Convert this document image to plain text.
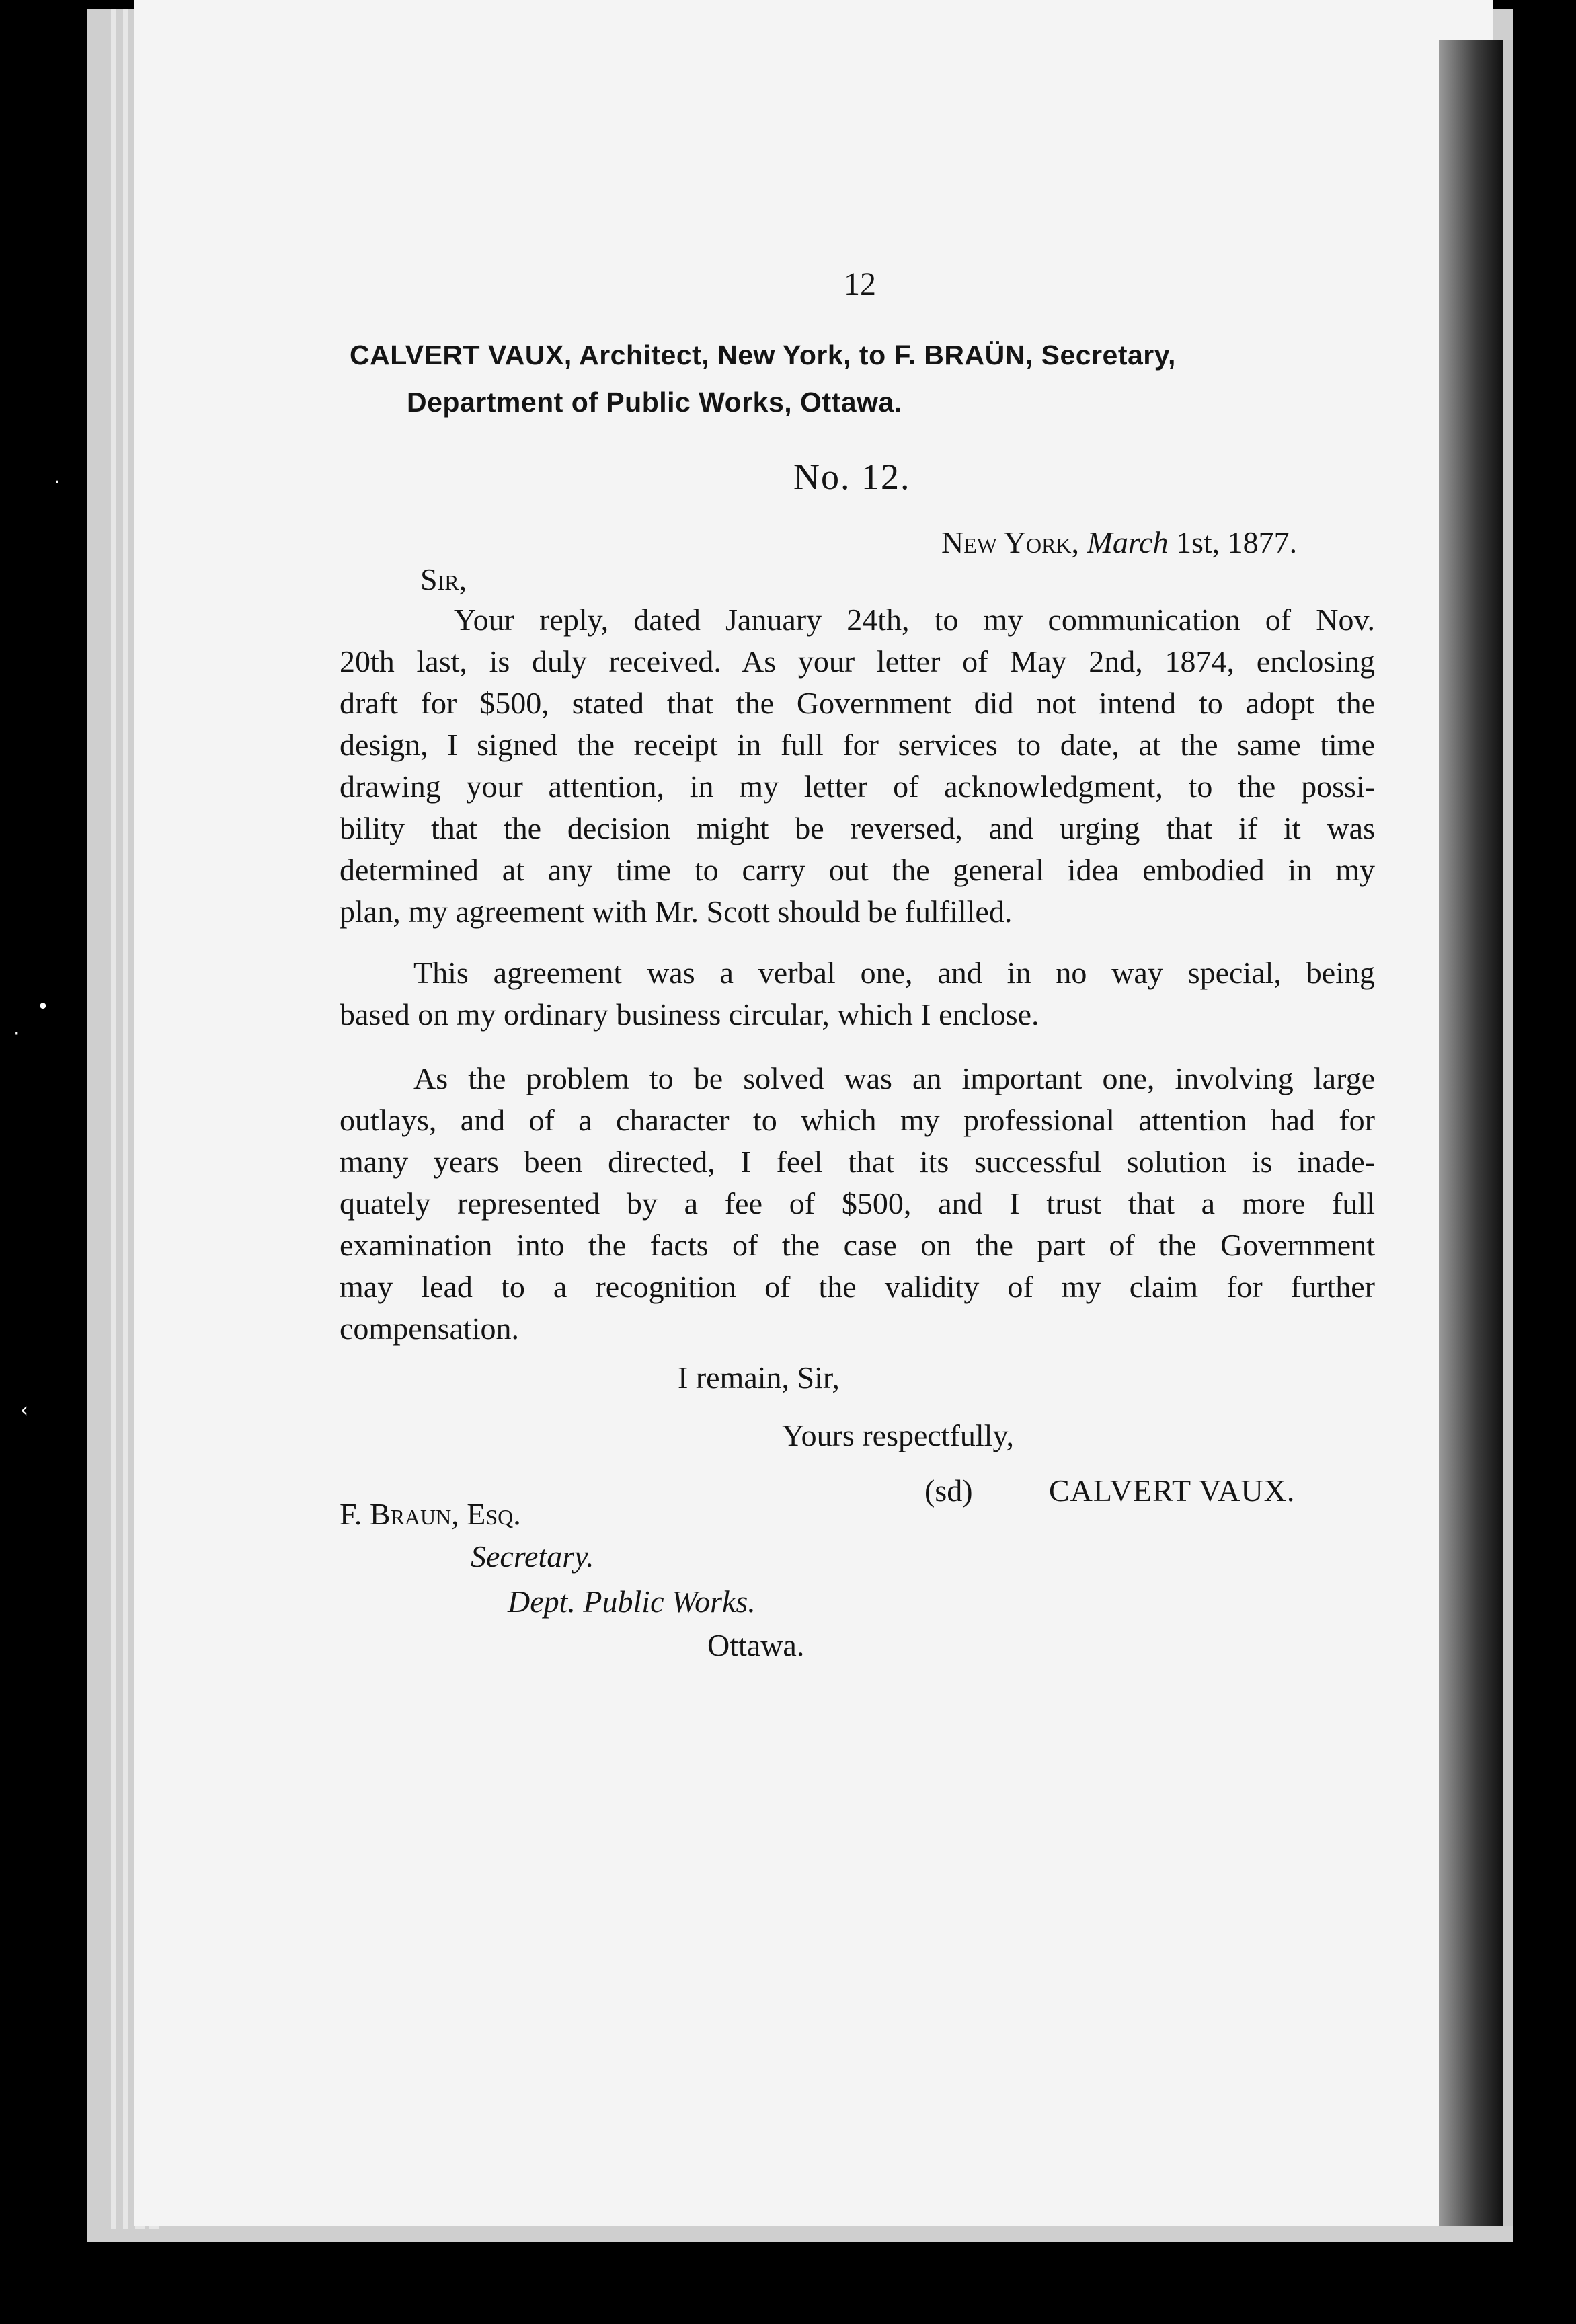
•
·
·
‹
12
CALVERT VAUX, Architect, New York, to F. BRAÜN, Secretary,
Department of Public Works, Ottawa.
No. 12.
New York, March 1st, 1877.
Sir,
Your reply, dated January 24th, to my communication of Nov.
20th last, is duly received. As your letter of May 2nd, 1874, enclosing
draft for $500, stated that the Government did not intend to adopt the
design, I signed the receipt in full for services to date, at the same time
drawing your attention, in my letter of acknowledgment, to the possi-
bility that the decision might be reversed, and urging that if it was
determined at any time to carry out the general idea embodied in my
plan, my agreement with Mr. Scott should be fulfilled.
This agreement was a verbal one, and in no way special, being
based on my ordinary business circular, which I enclose.
As the problem to be solved was an important one, involving large
outlays, and of a character to which my professional attention had for
many years been directed, I feel that its successful solution is inade-
quately represented by a fee of $500, and I trust that a more full
examination into the facts of the case on the part of the Government
may lead to a recognition of the validity of my claim for further
compensation.
I remain, Sir,
Yours respectfully,
(sd) CALVERT VAUX.
F. Braun, Esq.
Secretary.
Dept. Public Works.
Ottawa.
